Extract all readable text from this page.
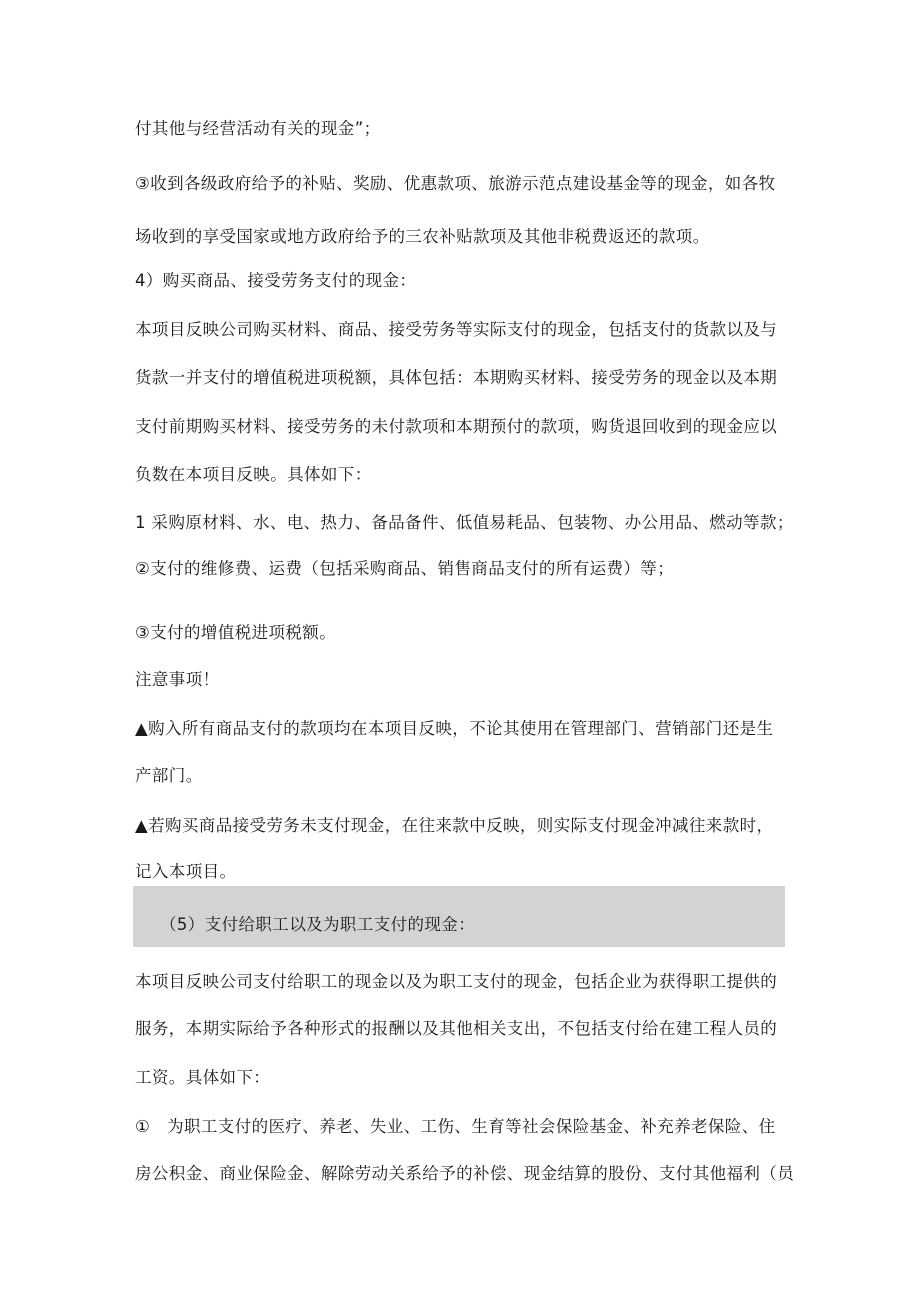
付其他与经营活动有关的现金”；
③收到各级政府给予的补贴、奖励、优惠款项、旅游示范点建设基金等的现金，如各牧
场收到的享受国家或地方政府给予的三农补贴款项及其他非税费返还的款项。
4）购买商品、接受劳务支付的现金：
本项目反映公司购买材料、商品、接受劳务等实际支付的现金，包括支付的货款以及与
货款一并支付的增值税进项税额，具体包括：本期购买材料、接受劳务的现金以及本期
支付前期购买材料、接受劳务的未付款项和本期预付的款项，购货退回收到的现金应以
负数在本项目反映。具体如下：
1 采购原材料、水、电、热力、备品备件、低值易耗品、包装物、办公用品、燃动等款；
②支付的维修费、运费（包括采购商品、销售商品支付的所有运费）等；
③支付的增值税进项税额。
注意事项！
▲购入所有商品支付的款项均在本项目反映，不论其使用在管理部门、营销部门还是生
产部门。
▲若购买商品接受劳务未支付现金，在往来款中反映，则实际支付现金冲减往来款时，
记入本项目。
（5）支付给职工以及为职工支付的现金：
本项目反映公司支付给职工的现金以及为职工支付的现金，包括企业为获得职工提供的
服务，本期实际给予各种形式的报酬以及其他相关支出，不包括支付给在建工程人员的
工资。具体如下：
①　为职工支付的医疗、养老、失业、工伤、生育等社会保险基金、补充养老保险、住
房公积金、商业保险金、解除劳动关系给予的补偿、现金结算的股份、支付其他福利（员
